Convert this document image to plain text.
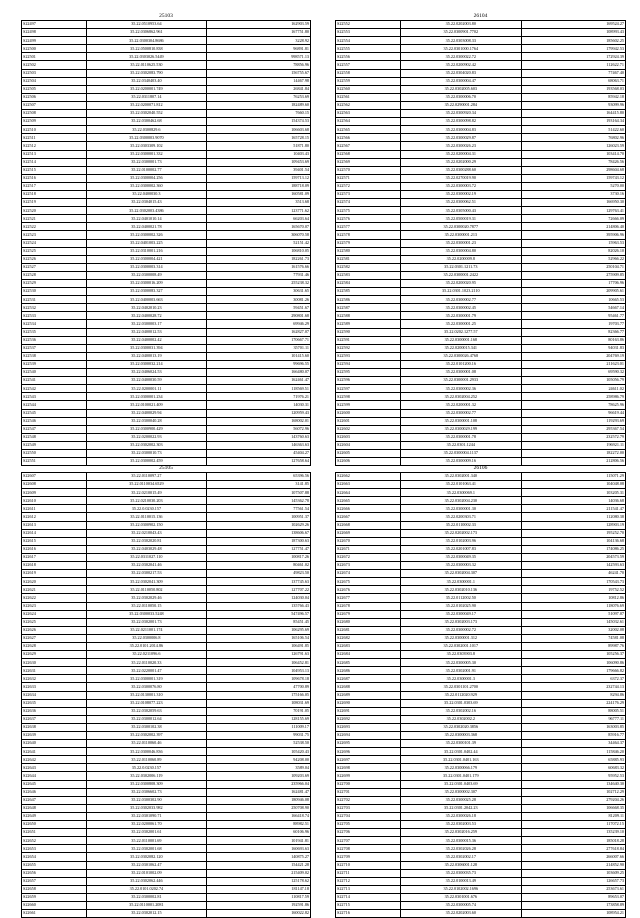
25103
S22497	35.22.0510953.64	162903.59
S22498	35.22.0306862.961	167751.80
S22499	35.22.0300304.8686	3228.92
S22500	35.22.0500810.838	96891.81
S22501	35.22.0303026.5449	998571.13
S22502	35.22.0110625.530	78856.96
S22503	35.22.0302083.790	156755.67
S22504	35.22.0340403.40	14467.98
S22505	35.22.0200001.749	26841.84
S22506	35.22.0311807.14	76253.69
S22507	35.22.0200071.812	182489.60
S22508	35.22.0302040.552	7660.15
S22509	35.22.0300462.68	154374.53
S22510	35.22.0300829.6	106603.68
S22511	35.22.0300003.9070	165728.15
S22512	35.22.0303309.102	51871.80
S22513	35.22.0300001.332	10403.43
S22514	35.22.0300001.73	109453.69
S22515	35.22.0100002.77	39401.54
S22516	35.22.0300004.256	159713.12
S22517	35.22.0300002.360	188718.09
S22518	35.22.0400030.3	160581.09
S22519	35.22.0304015.43	3513.68
S22520	35.22.0302003.4386	123771.62
S22521	35.22.0401010.14	66203.64
S22522	35.22.0400021.78	165670.07
S22523	35.22.0300002.326	306070.58
S22524	35.22.0401003.225	52151.42
S22525	35.22.0310001.216	106810.05
S22526	35.22.0300004.421	182261.73
S22527	35.22.0300003.314	161576.66
S22528	35.22.0300008.49	77931.46
S22529	35.22.0300016.209	255238.32
S22530	35.22.0300083.327	30631.65
S22531	35.22.0400003.663	30081.26
S22532	35.22.0402010.23	59451.67
S22533	35.22.0400028.72	290801.68
S22534	35.22.0300003.17	69946.29
S22535	35.22.0400012.53	162827.07
S22536	35.22.0400002.42	170667.71
S22537	35.22.0300031.394	35701.11
S22538	35.22.0400013.19	101415.60
S22539	35.22.0300032.214	99696.55
S22540	35.22.0406024.53	166480.07
S22541	35.22.0400030.59	162461.47
S22542	35.22.0200001.11	118569.51
S22543	35.22.0300001.234	71976.21
S22544	35.22.0100021.409	14030.31
S22545	35.22.0400029.94	120959.43
S22546	35.22.0300040.28	168002.01
S22547	35.22.0300900.429	56072.96
S22548	35.22.0200022.93	143760.63
S22549	35.22.0302002.303	146363.63
S22550	35.22.0300010.73	45404.27
S22551	35.22.0300002.459	127658.64
26104
S22552	35.22.0202003.80	169524.27
S22553	35.22.0300901.7702	108993.43
S22554	35.22.0303008.33	185602.25
S22555	35.22.0301000.1764	179942.53
S22556	35.22.0300022.72	172924.39
S22557	35.22.0200902.42	112622.71
S22558	35.22.0304020.83	77467.40
S22559	35.22.0300004.47	68063.71
S22560	35.22.0302005.603	193568.03
S22561	35.22.0300006.70	85942.18
S22562	35.22.0290001.284	93099.96
S22563	35.22.0300920.34	164415.80
S22564	35.22.0300098.82	193164.34
S22565	35.22.0300004.83	51422.60
S22566	35.22.0300029.87	76802.96
S22567	35.22.0300026.23	126023.59
S22568	35.22.0200004.31	103414.70
S22569	35.22.0202000.29	78426.56
S22570	35.22.0300288.60	298604.68
S22571	35.22.0270019.90	159743.12
S22572	35.22.0300003.72	5270.00
S22573	35.22.0300002.19	3730.16
S22574	35.22.0300062.51	166950.30
S22575	35.22.0305000.43	129763.41
S22576	35.22.0500019.31	72666.09
S22577	35.22.0300020.7877	214806.40
S22578	35.22.0300001.213	395906.96
S22579	35.22.0300001.23	15963.53
S22580	35.22.0300004.80	82026.10
S22581	35.22.0200009.8	52966.22
S22582	35.22.0301.1211.73	250104.71
S22583	35.22.0300001.2422	275909.85
S22584	35.22.0200020.95	17706.96
S22585	35.22.0301.1023.2110	209905.61
S22586	35.22.0300002.77	10665.53
S22587	35.22.0300002.45	54667.14
S22588	35.22.0300001.79	95461.77
S22589	35.22.0300001.25	19703.77
S22590	35.22.0202.1277.57	82366.77
S22591	35.22.0300001.168	80163.86
S22592	35.22.0200015.341	94031.83
S22593	35.22.0300026.4768	204769.19
S22594	35.22.0101200.16	211623.01
S22595	35.22.0300001.08	69590.32
S22596	35.22.0300001.2933	105056.79
S22597	35.22.0300002.36	24611.02
S22598	35.22.0302004.252	258986.79
S22599	35.22.0200001.32	78625.96
S22600	35.22.0300002.77	96619.44
S22601	35.22.0300001.108	119293.69
S22602	35.22.0300029.199	295367.54
S22603	35.22.0300001.78	232572.79
S22604	35.22.0301.1244	196921.11
S22605	35.22.0300004.1137	182272.00
S22606	35.22.0300009.16	212806.56
25105
S22607	35.22.0110097.27	65396.56
S22608	35.22.0110034.6529	3141.85
S22609	35.22.0210015.49	107507.88
S22610	35.22.0210030.203	145362.78
S22611	35.22.0.0230.157	77561.54
S22612	35.22.0110015.136	100951.37
S22613	35.22.0300902.150	102629.26
S22614	35.22.0210043.43	138606.67
S22615	35.22.0302020.81	187300.63
S22616	35.22.0403029.48	127751.47
S22617	35.22.0311027.110	100817.26
S22618	35.22.0302041.46	80461.02
S22619	35.22.0300217.53	49823.50
S22620	35.22.0302041.309	137745.63
S22621	35.22.0110050.802	127707.22
S22622	35.22.0302029.46	124030.04
S22623	35.22.0110050.15	135766.43
S22624	35.22.0300033.5248	547496.57
S22625	35.22.0302001.73	85451.45
S22626	35.22.0211001.174	106295.69
S22627	35.22.0300006.8	165106.54
S22628	35.22.0101.2014.86	106491.85
S22629	35.22.0211096.6	126791.63
S22630	35.22.0110020.33	106452.81
S22631	35.22.0220001.47	104953.13
S22632	35.22.0300001.319	109678.18
S22633	35.22.0300076.80	47700.89
S22634	35.22.0130001.310	175166.05
S22635	35.22.0108077.223	108031.69
S22636	35.22.0302059.63	70191.05
S22637	35.22.0300012.64	128155.69
S22638	35.22.0300102.38	111009.17
S22639	35.22.0302002.397	99031.75
S22640	35.22.0110060.46	52538.50
S22641	35.22.0300046.836	105420.43
S22642	35.22.0110060.89	94208.00
S22643	35.22.0.0230.157	3589.04
S22644	35.22.0302006.119	109203.69
S22645	35.22.0300808.309	235966.04
S22646	35.22.0306602.73	162481.47
S22647	35.22.0300302.90	180946.08
S22648	35.22.0302033.982	250708.90
S22649	35.22.0301090.71	166418.74
S22650	35.22.0200061.70	88982.51
S22651	35.22.0302001.61	60106.96
S22652	35.22.0110001.69	101941.81
S22653	35.22.0302001.68	160693.63
S22654	35.22.0302082.120	140875.27
S22655	35.22.0301062.47	154421.28
S22656	35.22.0101002.09	215409.02
S22657	35.22.0302062.446	125178.62
S22658	35.22.0101.0202.74	181147.18
S22659	35.22.0300002.81	110817.59
S22660	35.22.0110001.2081	192591.86
S22661	35.22.0302012.15	160022.82
26106
S22662	35.22.0302001.340	115071.29
S22663	35.22.0101063.41	104048.08
S22664	35.22.0300069.1	103205.31
S22665	35.22.0302004.230	14036.68
S22666	35.22.0300001.30	211541.47
S22667	35.22.0200303.71	112080.38
S22668	35.22.0110002.33	128903.19
S22669	35.22.0202002.173	195252.70
S22670	35.22.0102003.96	104136.68
S22671	35.22.0201007.83	174086.25
S22672	35.22.0300049.35	204573.59
S22673	35.22.0300003.32	142593.63
S22674	35.22.0302004.307	46241.70
S22675	35.22.0300001.1	170543.73
S22676	35.22.0302010.136	19752.52
S22677	35.22.0112002.50	10812.86
S22678	35.22.0102025.90	118076.69
S22679	35.22.0300049.17	51097.07
S22680	35.22.0302003.173	145032.61
S22681	35.22.0300002.72	32002.08
S22682	35.22.0300001.312	74581.08
S22683	35.22.0302001.1017	89987.76
S22684	35.22.0303903.8	105256.37
S22685	35.22.0300005.30	106090.86
S22686	35.22.0302001.91	179666.82
S22687	35.22.0300001.3	6372.37
S22688	35.22.0301101.2700	232744.13
S22689	35.22.0112020.929	8294.86
S22690	35.22.0301.0303.69	224176.29
S22691	35.22.0302002.16	88005.51
S22692	35.22.0302002.2	96777.11
S22693	35.22.0302020.3856	163003.85
S22694	35.22.0300003.368	85916.77
S22695	35.22.0300101.39	34464.37
S22696	35.22.0301.0402.44	115846.20
S22697	35.22.0301.0401.163	65885.93
S22698	35.22.0300066.179	60683.32
S22699	35.22.0301.0401.179	95952.53
S22700	35.22.0301.0403.69	134640.30
S22701	35.22.0300002.307	102712.29
S22702	35.22.0300025.28	279204.26
S22703	35.22.0301.2042.23	106668.35
S22704	35.22.0300026.18	81209.11
S22705	35.22.0302003.53	117072.15
S22706	35.22.0302016.259	135239.10
S22707	35.22.0300015.36	185018.28
S22708	35.22.0302026.28	277618.84
S22709	35.22.0302002.17	266007.66
S22710	35.22.0306001.128	214852.90
S22711	35.22.0300035.73	103609.25
S22712	35.22.0100013.49	126657.73
S22713	35.22.0102002.1696	253673.61
S22714	35.22.0301001.676	89653.07
S22715	35.22.0300005.74	173858.89
S22716	35.22.0202003.60	108954.21
